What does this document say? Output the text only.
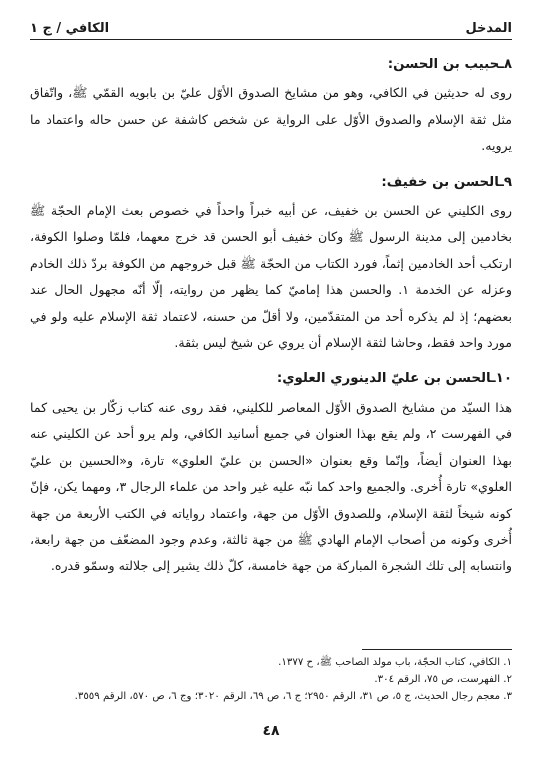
المدخل
الكافي / ج ١

٨ـحبيب بن الحسن:

روى له حديثين في الكافي، وهو من مشايخ الصدوق الأوّل عليّ بن بابويه القمّي ﷺ، واتّفاق مثل ثقة الإسلام والصدوق الأوّل على الرواية عن شخص كاشفة عن حسن حاله واعتماد ما يرويه.

٩ـالحسن بن خفيف:

روى الكليني عن الحسن بن خفيف، عن أبيه خبراً واحداً في خصوص بعث الإمام الحجّة ﷺ بخادمين إلى مدينة الرسول ﷺ وكان خفيف أبو الحسن قد خرج معهما، فلمّا وصلوا الكوفة، ارتكب أحد الخادمين إثماً، فورد الكتاب من الحجّة ﷺ قبل خروجهم من الكوفة بردّ ذلك الخادم وعزله عن الخدمة ١. والحسن هذا إماميّ كما يظهر من روايته، إلّا أنّه مجهول الحال عند بعضهم؛ إذ لم يذكره أحد من المتقدّمين، ولا أقلّ من حسنه، لاعتماد ثقة الإسلام عليه ولو في مورد واحد فقط، وحاشا لثقة الإسلام أن يروي عن شيخ ليس بثقة.

١٠ـالحسن بن عليّ الدينوري العلوي:

هذا السيّد من مشايخ الصدوق الأوّل المعاصر للكليني، فقد روى عنه كتاب زكّار بن يحيى كما في الفهرست ٢، ولم يقع بهذا العنوان في جميع أسانيد الكافي، ولم يرو أحد عن الكليني عنه بهذا العنوان أيضاً، وإنّما وقع بعنوان «الحسن بن عليّ العلوي» تارة، و«الحسين بن عليّ العلوي» تارة أُخرى. والجميع واحد كما نبّه عليه غير واحد من علماء الرجال ٣، ومهما يكن، فإنّ كونه شيخاً لثقة الإسلام، وللصدوق الأوّل من جهة، واعتماد رواياته في الكتب الأربعة من جهة أُخرى وكونه من أصحاب الإمام الهادي ﷺ من جهة ثالثة، وعدم وجود المضعّف من جهة رابعة، وانتسابه إلى تلك الشجرة المباركة من جهة خامسة، كلّ ذلك يشير إلى جلالته وسمّو قدره.

١. الكافي، كتاب الحجّة، باب مولد الصاحب ﷺ، ح ١٣٧٧.

٢. الفهرست، ص ٧٥، الرقم ٣٠٤.

٣. معجم رجال الحديث، ج ٥، ص ٣١، الرقم ٢٩٥٠؛ ج ٦، ص ٦٩، الرقم ٣٠٢٠؛ وج ٦، ص ٥٧٠، الرقم ٣٥٥٩.

٤٨
